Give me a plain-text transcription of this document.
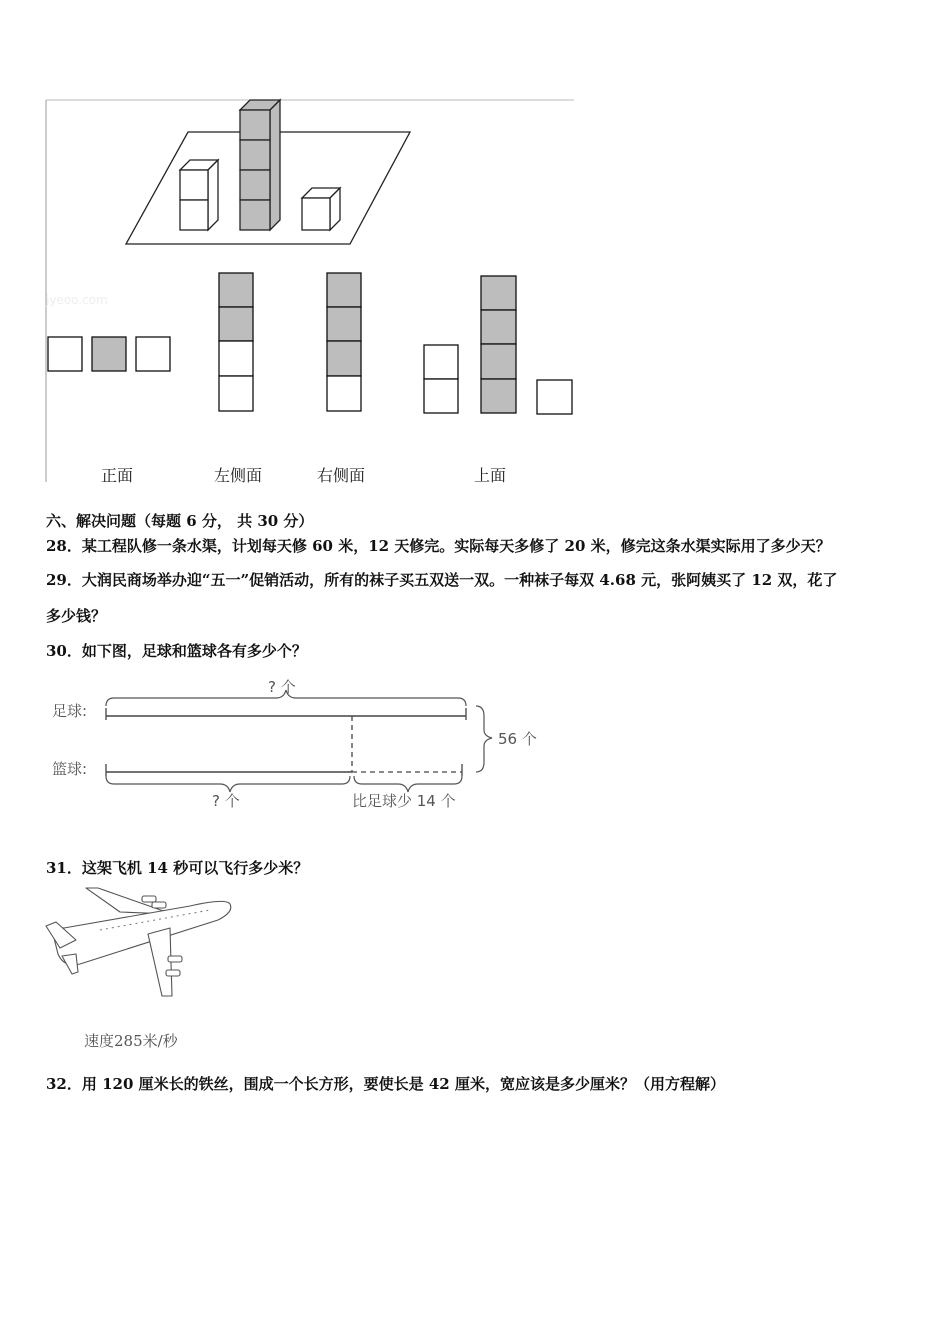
jyeoo.com
正面	左侧面	右侧面	上面
六、解决问题（每题 6 分， 共 30 分）
28．某工程队修一条水渠，计划每天修 60 米，12 天修完。实际每天多修了 20 米，修完这条水渠实际用了多少天？
29．大润民商场举办迎“五一”促销活动，所有的袜子买五双送一双。一种袜子每双 4.68 元，张阿姨买了 12 双，花了
多少钱？
30．如下图，足球和篮球各有多少个？
? 个
足球:
56 个
篮球:
? 个	比足球少 14 个
31．这架飞机 14 秒可以飞行多少米？
速度285米/秒
32．用 120 厘米长的铁丝，围成一个长方形，要使长是 42 厘米，宽应该是多少厘米？（用方程解）
